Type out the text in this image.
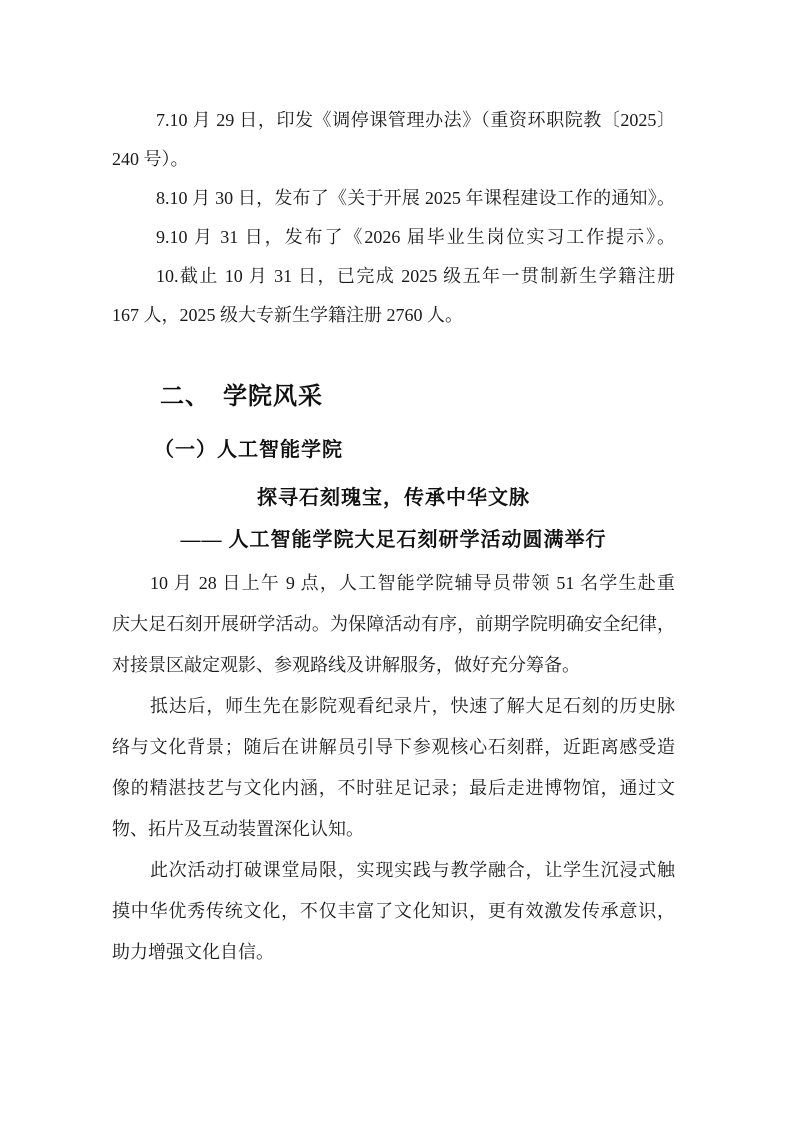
7.10 月 29 日，印发《调停课管理办法》（重资环职院教〔2025〕
240 号）。
8.10 月 30 日，发布了《关于开展 2025 年课程建设工作的通知》。
9.10 月 31 日，发布了《2026 届毕业生岗位实习工作提示》。
10.截止 10 月 31 日，已完成 2025 级五年一贯制新生学籍注册
167 人，2025 级大专新生学籍注册 2760 人。
二、　学院风采
（一）人工智能学院
探寻石刻瑰宝，传承中华文脉
—— 人工智能学院大足石刻研学活动圆满举行
10 月 28 日上午 9 点，人工智能学院辅导员带领 51 名学生赴重
庆大足石刻开展研学活动。为保障活动有序，前期学院明确安全纪律，
对接景区敲定观影、参观路线及讲解服务，做好充分筹备。
抵达后，师生先在影院观看纪录片，快速了解大足石刻的历史脉
络与文化背景；随后在讲解员引导下参观核心石刻群，近距离感受造
像的精湛技艺与文化内涵，不时驻足记录；最后走进博物馆，通过文
物、拓片及互动装置深化认知。
此次活动打破课堂局限，实现实践与教学融合，让学生沉浸式触
摸中华优秀传统文化，不仅丰富了文化知识，更有效激发传承意识，
助力增强文化自信。
